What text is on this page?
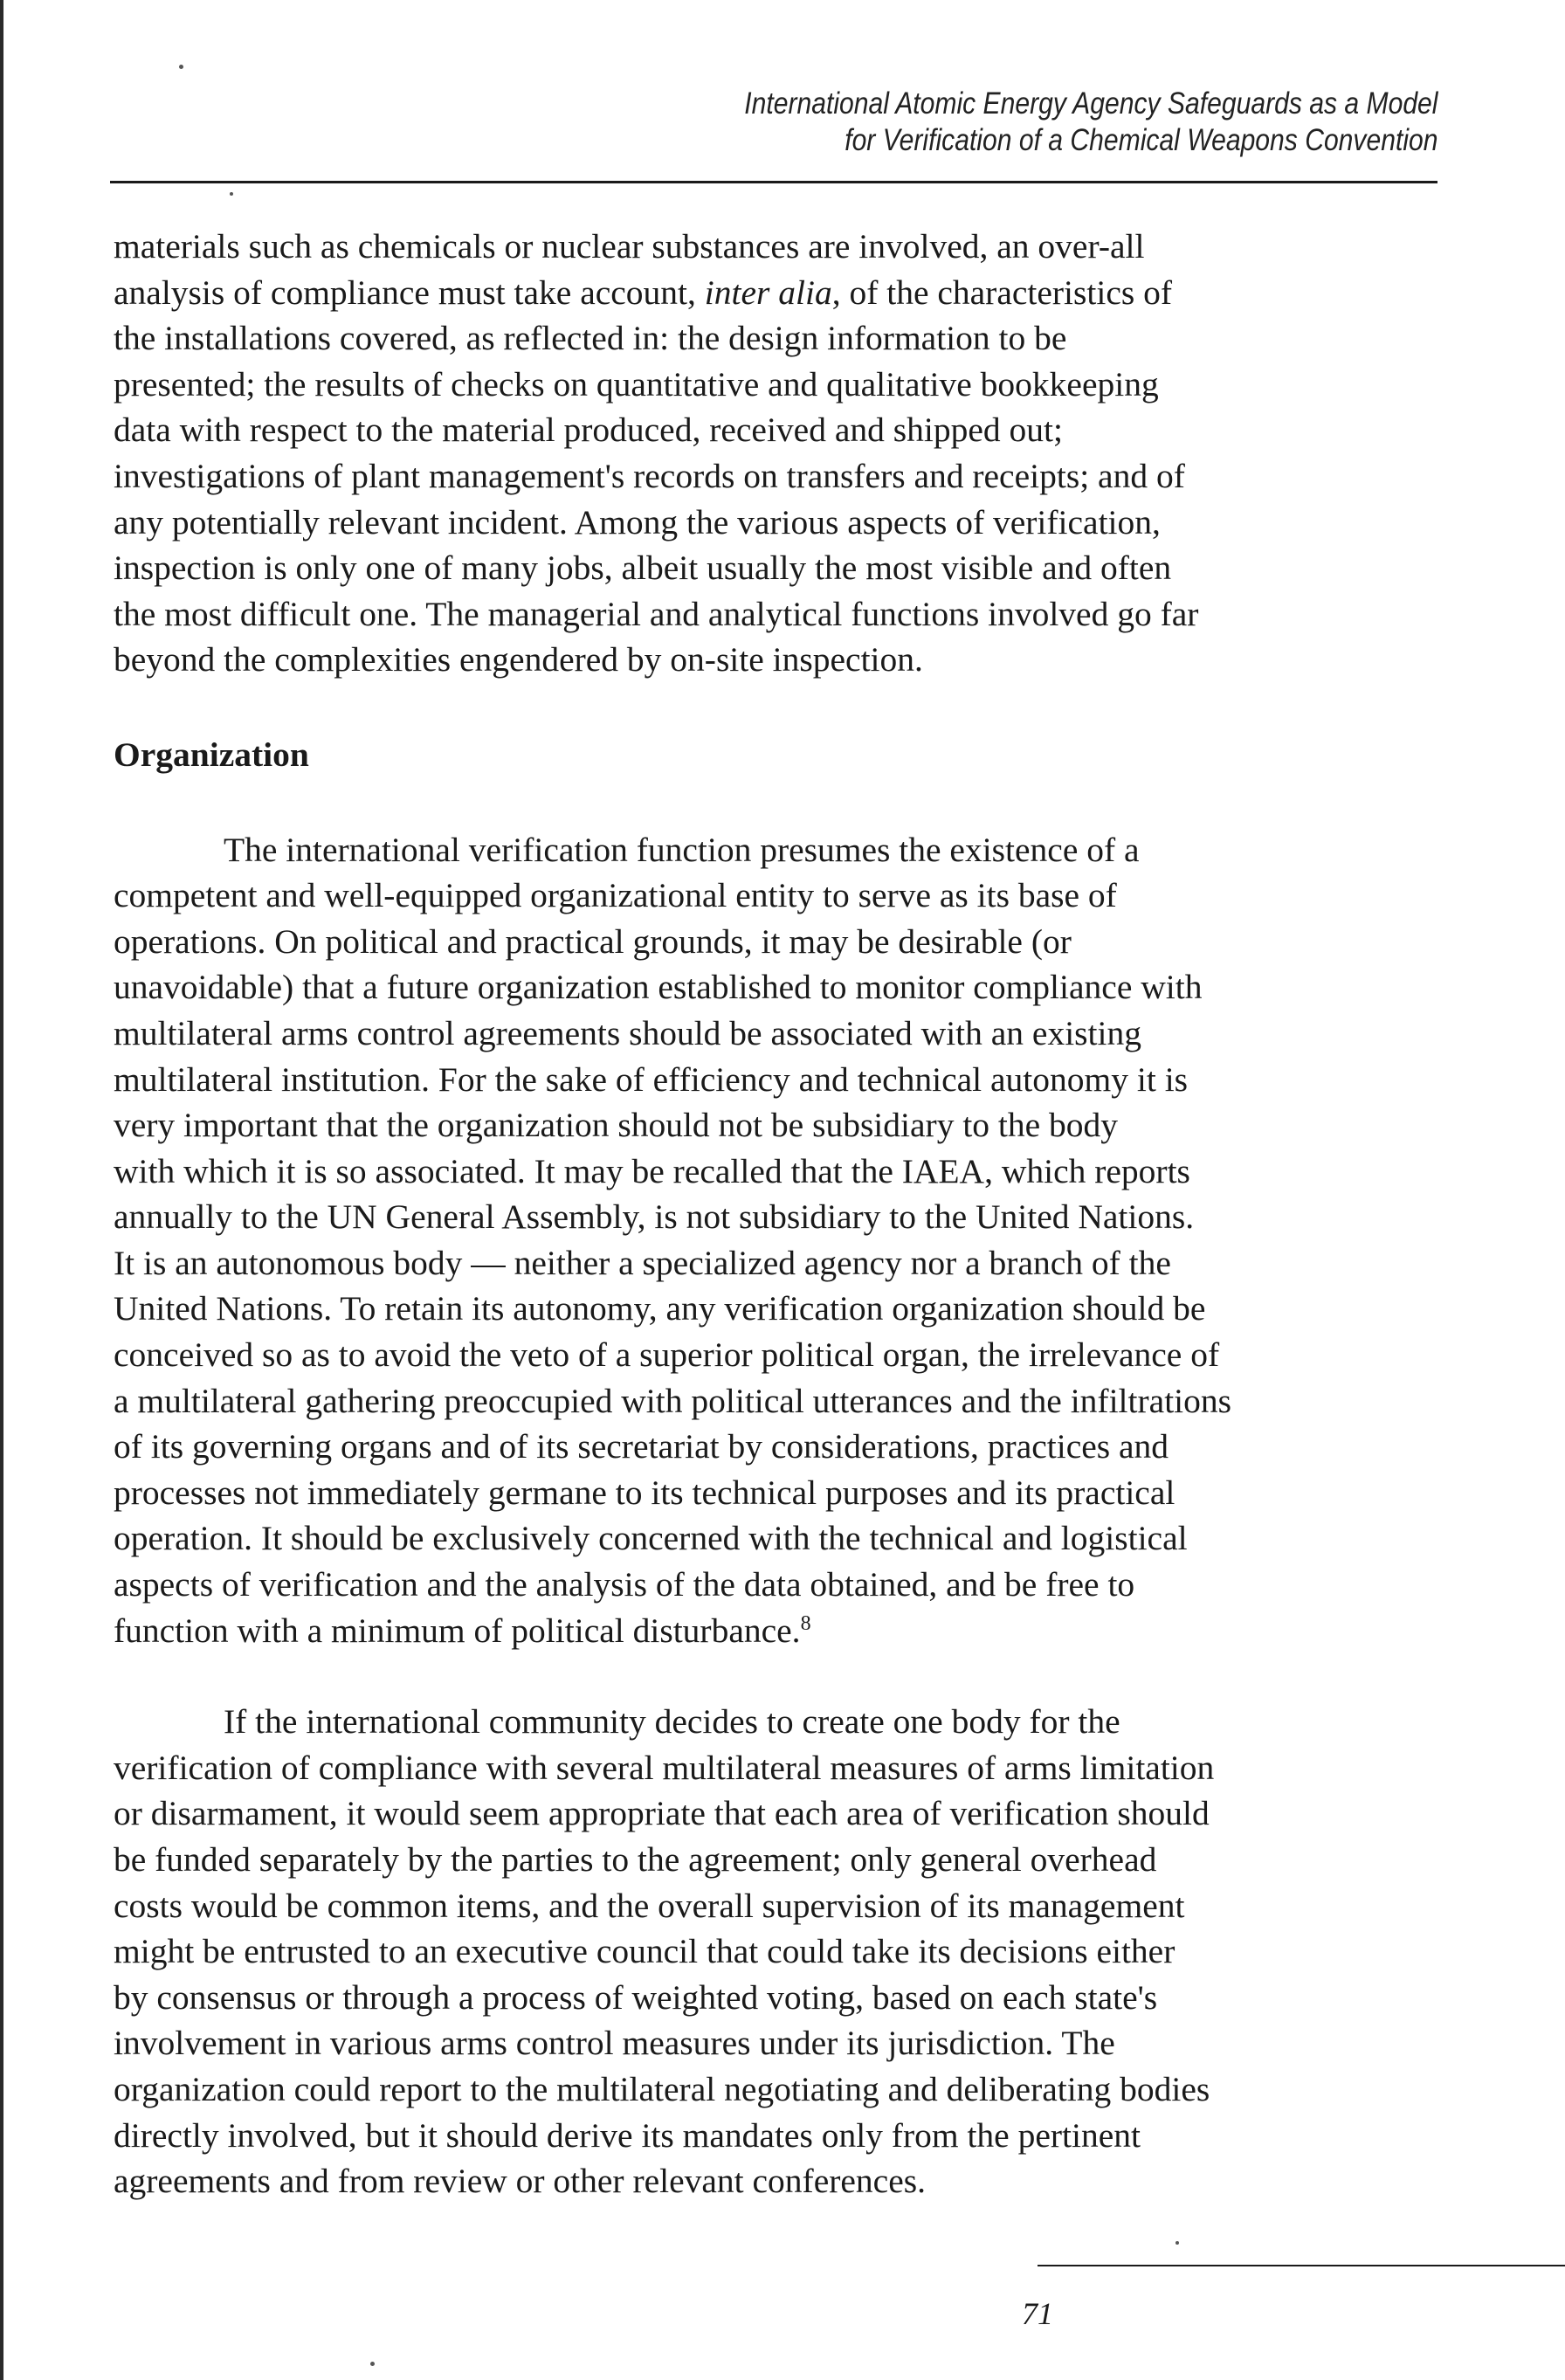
International Atomic Energy Agency Safeguards as a Model
for Verification of a Chemical Weapons Convention
materials such as chemicals or nuclear substances are involved, an over-all
analysis of compliance must take account, inter alia, of the characteristics of
the installations covered, as reflected in: the design information to be
presented; the results of checks on quantitative and qualitative bookkeeping
data with respect to the material produced, received and shipped out;
investigations of plant management's records on transfers and receipts; and of
any potentially relevant incident. Among the various aspects of verification,
inspection is only one of many jobs, albeit usually the most visible and often
the most difficult one. The managerial and analytical functions involved go far
beyond the complexities engendered by on-site inspection.
Organization
The international verification function presumes the existence of a
competent and well-equipped organizational entity to serve as its base of
operations. On political and practical grounds, it may be desirable (or
unavoidable) that a future organization established to monitor compliance with
multilateral arms control agreements should be associated with an existing
multilateral institution. For the sake of efficiency and technical autonomy it is
very important that the organization should not be subsidiary to the body
with which it is so associated. It may be recalled that the IAEA, which reports
annually to the UN General Assembly, is not subsidiary to the United Nations.
It is an autonomous body — neither a specialized agency nor a branch of the
United Nations. To retain its autonomy, any verification organization should be
conceived so as to avoid the veto of a superior political organ, the irrelevance of
a multilateral gathering preoccupied with political utterances and the infiltrations
of its governing organs and of its secretariat by considerations, practices and
processes not immediately germane to its technical purposes and its practical
operation. It should be exclusively concerned with the technical and logistical
aspects of verification and the analysis of the data obtained, and be free to
function with a minimum of political disturbance.$^8$
If the international community decides to create one body for the
verification of compliance with several multilateral measures of arms limitation
or disarmament, it would seem appropriate that each area of verification should
be funded separately by the parties to the agreement; only general overhead
costs would be common items, and the overall supervision of its management
might be entrusted to an executive council that could take its decisions either
by consensus or through a process of weighted voting, based on each state's
involvement in various arms control measures under its jurisdiction. The
organization could report to the multilateral negotiating and deliberating bodies
directly involved, but it should derive its mandates only from the pertinent
agreements and from review or other relevant conferences.
71
